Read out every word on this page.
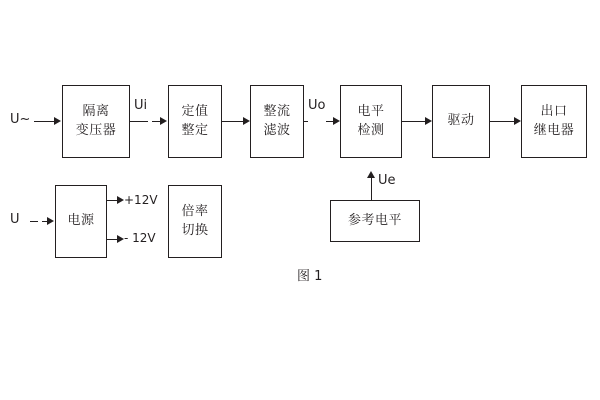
隔离
变压器
定值
整定
整流
滤波
电平
检测
驱动
出口
继电器
电源
倍率
切换
参考电平
U~
U
Ui	Uo
Ue
+12V
- 12V
图 1
